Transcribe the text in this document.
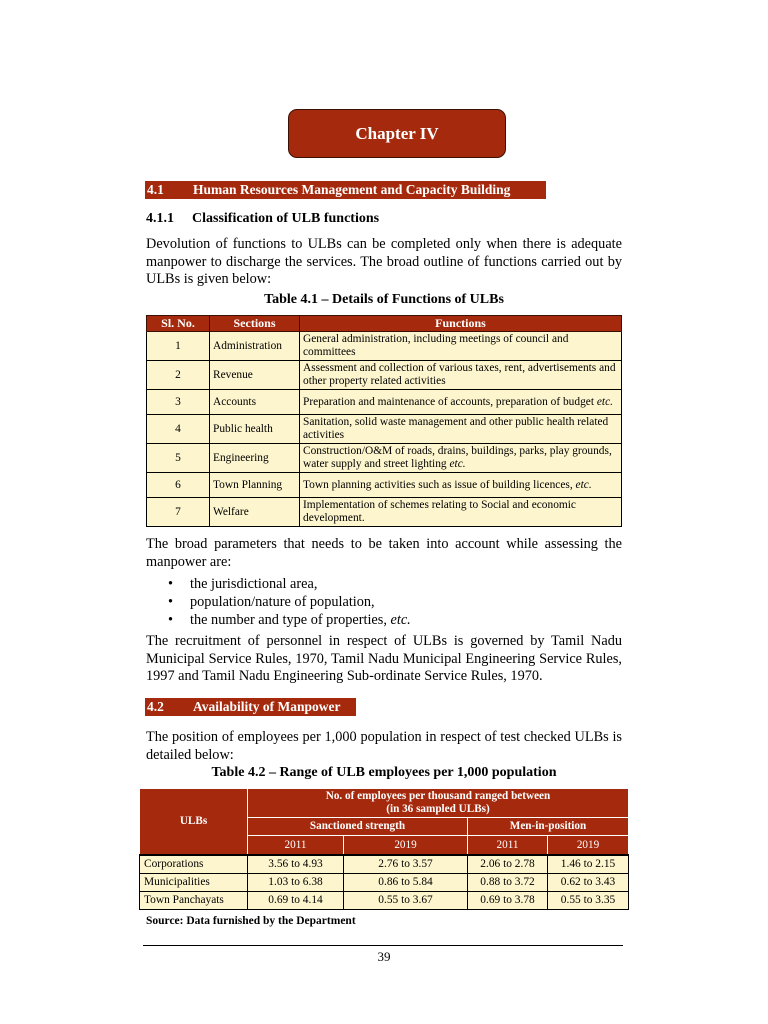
Chapter IV
4.1 Human Resources Management and Capacity Building
4.1.1 Classification of ULB functions

Devolution of functions to ULBs can be completed only when there is adequate manpower to discharge the services. The broad outline of functions carried out by ULBs is given below:

Table 4.1 – Details of Functions of ULBs
Sl. No.	Sections	Functions
1	Administration	General administration, including meetings of council and committees
2	Revenue	Assessment and collection of various taxes, rent, advertisements and other property related activities
3	Accounts	Preparation and maintenance of accounts, preparation of budget etc.
4	Public health	Sanitation, solid waste management and other public health related activities
5	Engineering	Construction/O&M of roads, drains, buildings, parks, play grounds, water supply and street lighting etc.
6	Town Planning	Town planning activities such as issue of building licences, etc.
7	Welfare	Implementation of schemes relating to Social and economic development.

The broad parameters that needs to be taken into account while assessing the manpower are:

• the jurisdictional area,
• population/nature of population,
• the number and type of properties, etc.

The recruitment of personnel in respect of ULBs is governed by Tamil Nadu Municipal Service Rules, 1970, Tamil Nadu Municipal Engineering Service Rules, 1997 and Tamil Nadu Engineering Sub-ordinate Service Rules, 1970.

4.2 Availability of Manpower

The position of employees per 1,000 population in respect of test checked ULBs is detailed below:

Table 4.2 – Range of ULB employees per 1,000 population
ULBs	No. of employees per thousand ranged between
(in 36 sampled ULBs)			
	Sanctioned strength		Men-in-position	
	2011	2019	2011	2019
Corporations	3.56 to 4.93	2.76 to 3.57	2.06 to 2.78	1.46 to 2.15
Municipalities	1.03 to 6.38	0.86 to 5.84	0.88 to 3.72	0.62 to 3.43
Town Panchayats	0.69 to 4.14	0.55 to 3.67	0.69 to 3.78	0.55 to 3.35
Source: Data furnished by the Department
39
